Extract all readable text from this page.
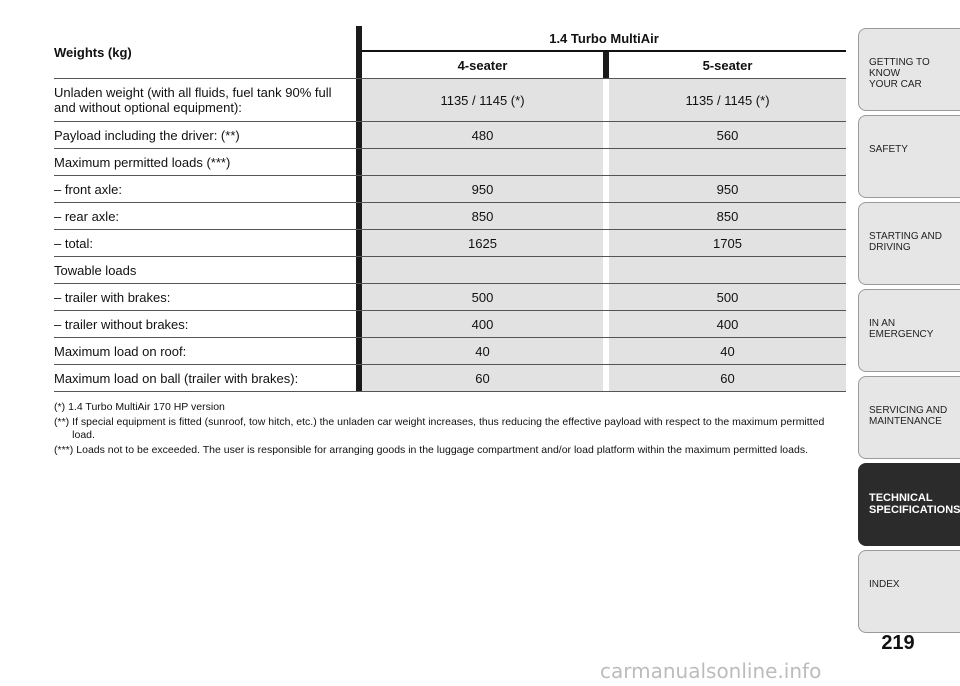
Weights (kg)		1.4 Turbo MultiAir		
		4-seater		5-seater
Unladen weight (with all fluids, fuel tank 90% full and without optional equipment):		1135 / 1145 (*)		1135 / 1145 (*)
Payload including the driver: (**)		480		560
Maximum permitted loads (***)				
– front axle:		950		950
– rear axle:		850		850
– total:		1625		1705
Towable loads				
– trailer with brakes:		500		500
– trailer without brakes:		400		400
Maximum load on roof:		40		40
Maximum load on ball (trailer with brakes):		60		60
(*) 1.4 Turbo MultiAir 170 HP version
(**) If special equipment is fitted (sunroof, tow hitch, etc.) the unladen car weight increases, thus reducing the effective payload with respect to the maximum permitted load.
(***) Loads not to be exceeded. The user is responsible for arranging goods in the luggage compartment and/or load platform within the maximum permitted loads.
GETTING TO KNOW
YOUR CAR
SAFETY
STARTING AND
DRIVING
IN AN EMERGENCY
SERVICING AND
MAINTENANCE
TECHNICAL
SPECIFICATIONS
INDEX
219
carmanualsonline.info
